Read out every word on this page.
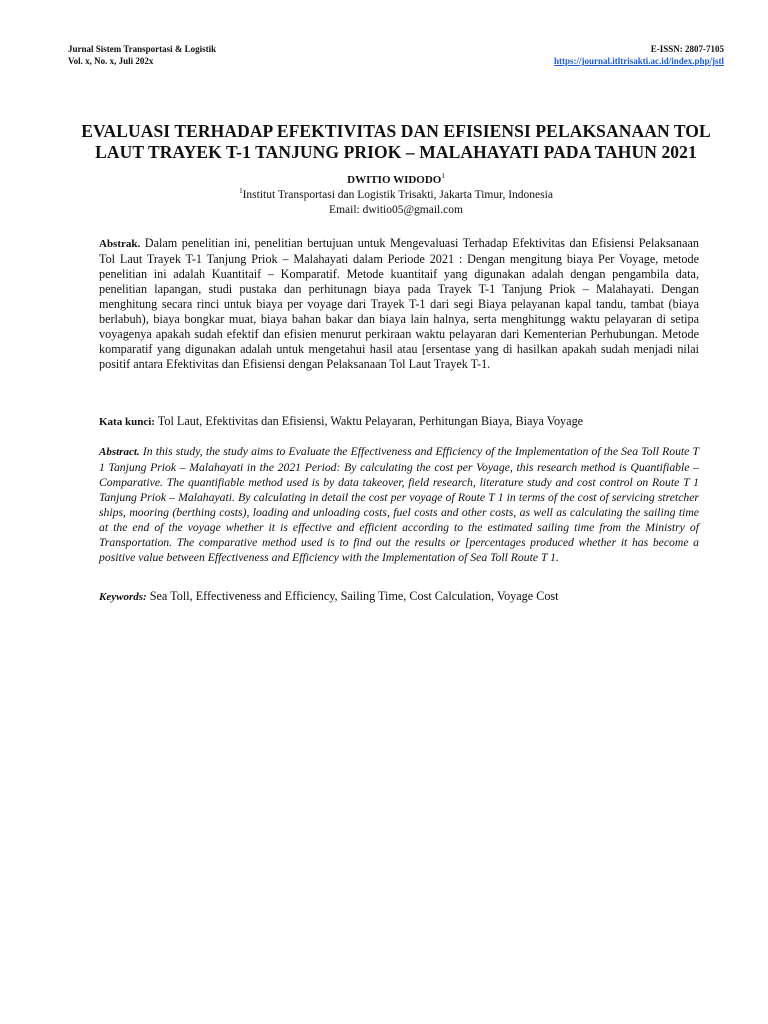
Jurnal Sistem Transportasi & Logistik
Vol. x, No. x, Juli 202x
E-ISSN: 2807-7105
https://journal.itltrisakti.ac.id/index.php/jstl
EVALUASI TERHADAP EFEKTIVITAS DAN EFISIENSI PELAKSANAAN TOL
LAUT TRAYEK T-1 TANJUNG PRIOK – MALAHAYATI PADA TAHUN 2021
DWITIO WIDODO$^1$
$^1$Institut Transportasi dan Logistik Trisakti, Jakarta Timur, Indonesia
Email: dwitio05@gmail.com
Abstrak. Dalam penelitian ini, penelitian bertujuan untuk Mengevaluasi Terhadap Efektivitas dan Efisiensi Pelaksanaan Tol Laut Trayek T-1 Tanjung Priok – Malahayati dalam Periode 2021 : Dengan mengitung biaya Per Voyage, metode penelitian ini adalah Kuantitaif – Komparatif. Metode kuantitaif yang digunakan adalah dengan pengambila data, penelitian lapangan, studi pustaka dan perhitunagn biaya pada Trayek T-1 Tanjung Priok – Malahayati. Dengan menghitung secara rinci untuk biaya per voyage dari Trayek T-1 dari segi Biaya pelayanan kapal tandu, tambat (biaya berlabuh), biaya bongkar muat, biaya bahan bakar dan biaya lain halnya, serta menghitungg waktu pelayaran di setipa voyagenya apakah sudah efektif dan efisien menurut perkiraan waktu pelayaran dari Kementerian Perhubungan. Metode komparatif yang digunakan adalah untuk mengetahui hasil atau [ersentase yang di hasilkan apakah sudah menjadi nilai positif antara Efektivitas dan Efisiensi dengan Pelaksanaan Tol Laut Trayek T-1.
Kata kunci: Tol Laut, Efektivitas dan Efisiensi, Waktu Pelayaran, Perhitungan Biaya, Biaya Voyage
Abstract. In this study, the study aims to Evaluate the Effectiveness and Efficiency of the Implementation of the Sea Toll Route T 1 Tanjung Priok – Malahayati in the 2021 Period: By calculating the cost per Voyage, this research method is Quantifiable – Comparative. The quantifiable method used is by data takeover, field research, literature study and cost control on Route T 1 Tanjung Priok – Malahayati. By calculating in detail the cost per voyage of Route T 1 in terms of the cost of servicing stretcher ships, mooring (berthing costs), loading and unloading costs, fuel costs and other costs, as well as calculating the sailing time at the end of the voyage whether it is effective and efficient according to the estimated sailing time from the Ministry of Transportation. The comparative method used is to find out the results or [percentages produced whether it has become a positive value between Effectiveness and Efficiency with the Implementation of Sea Toll Route T 1.
Keywords: Sea Toll, Effectiveness and Efficiency, Sailing Time, Cost Calculation, Voyage Cost
